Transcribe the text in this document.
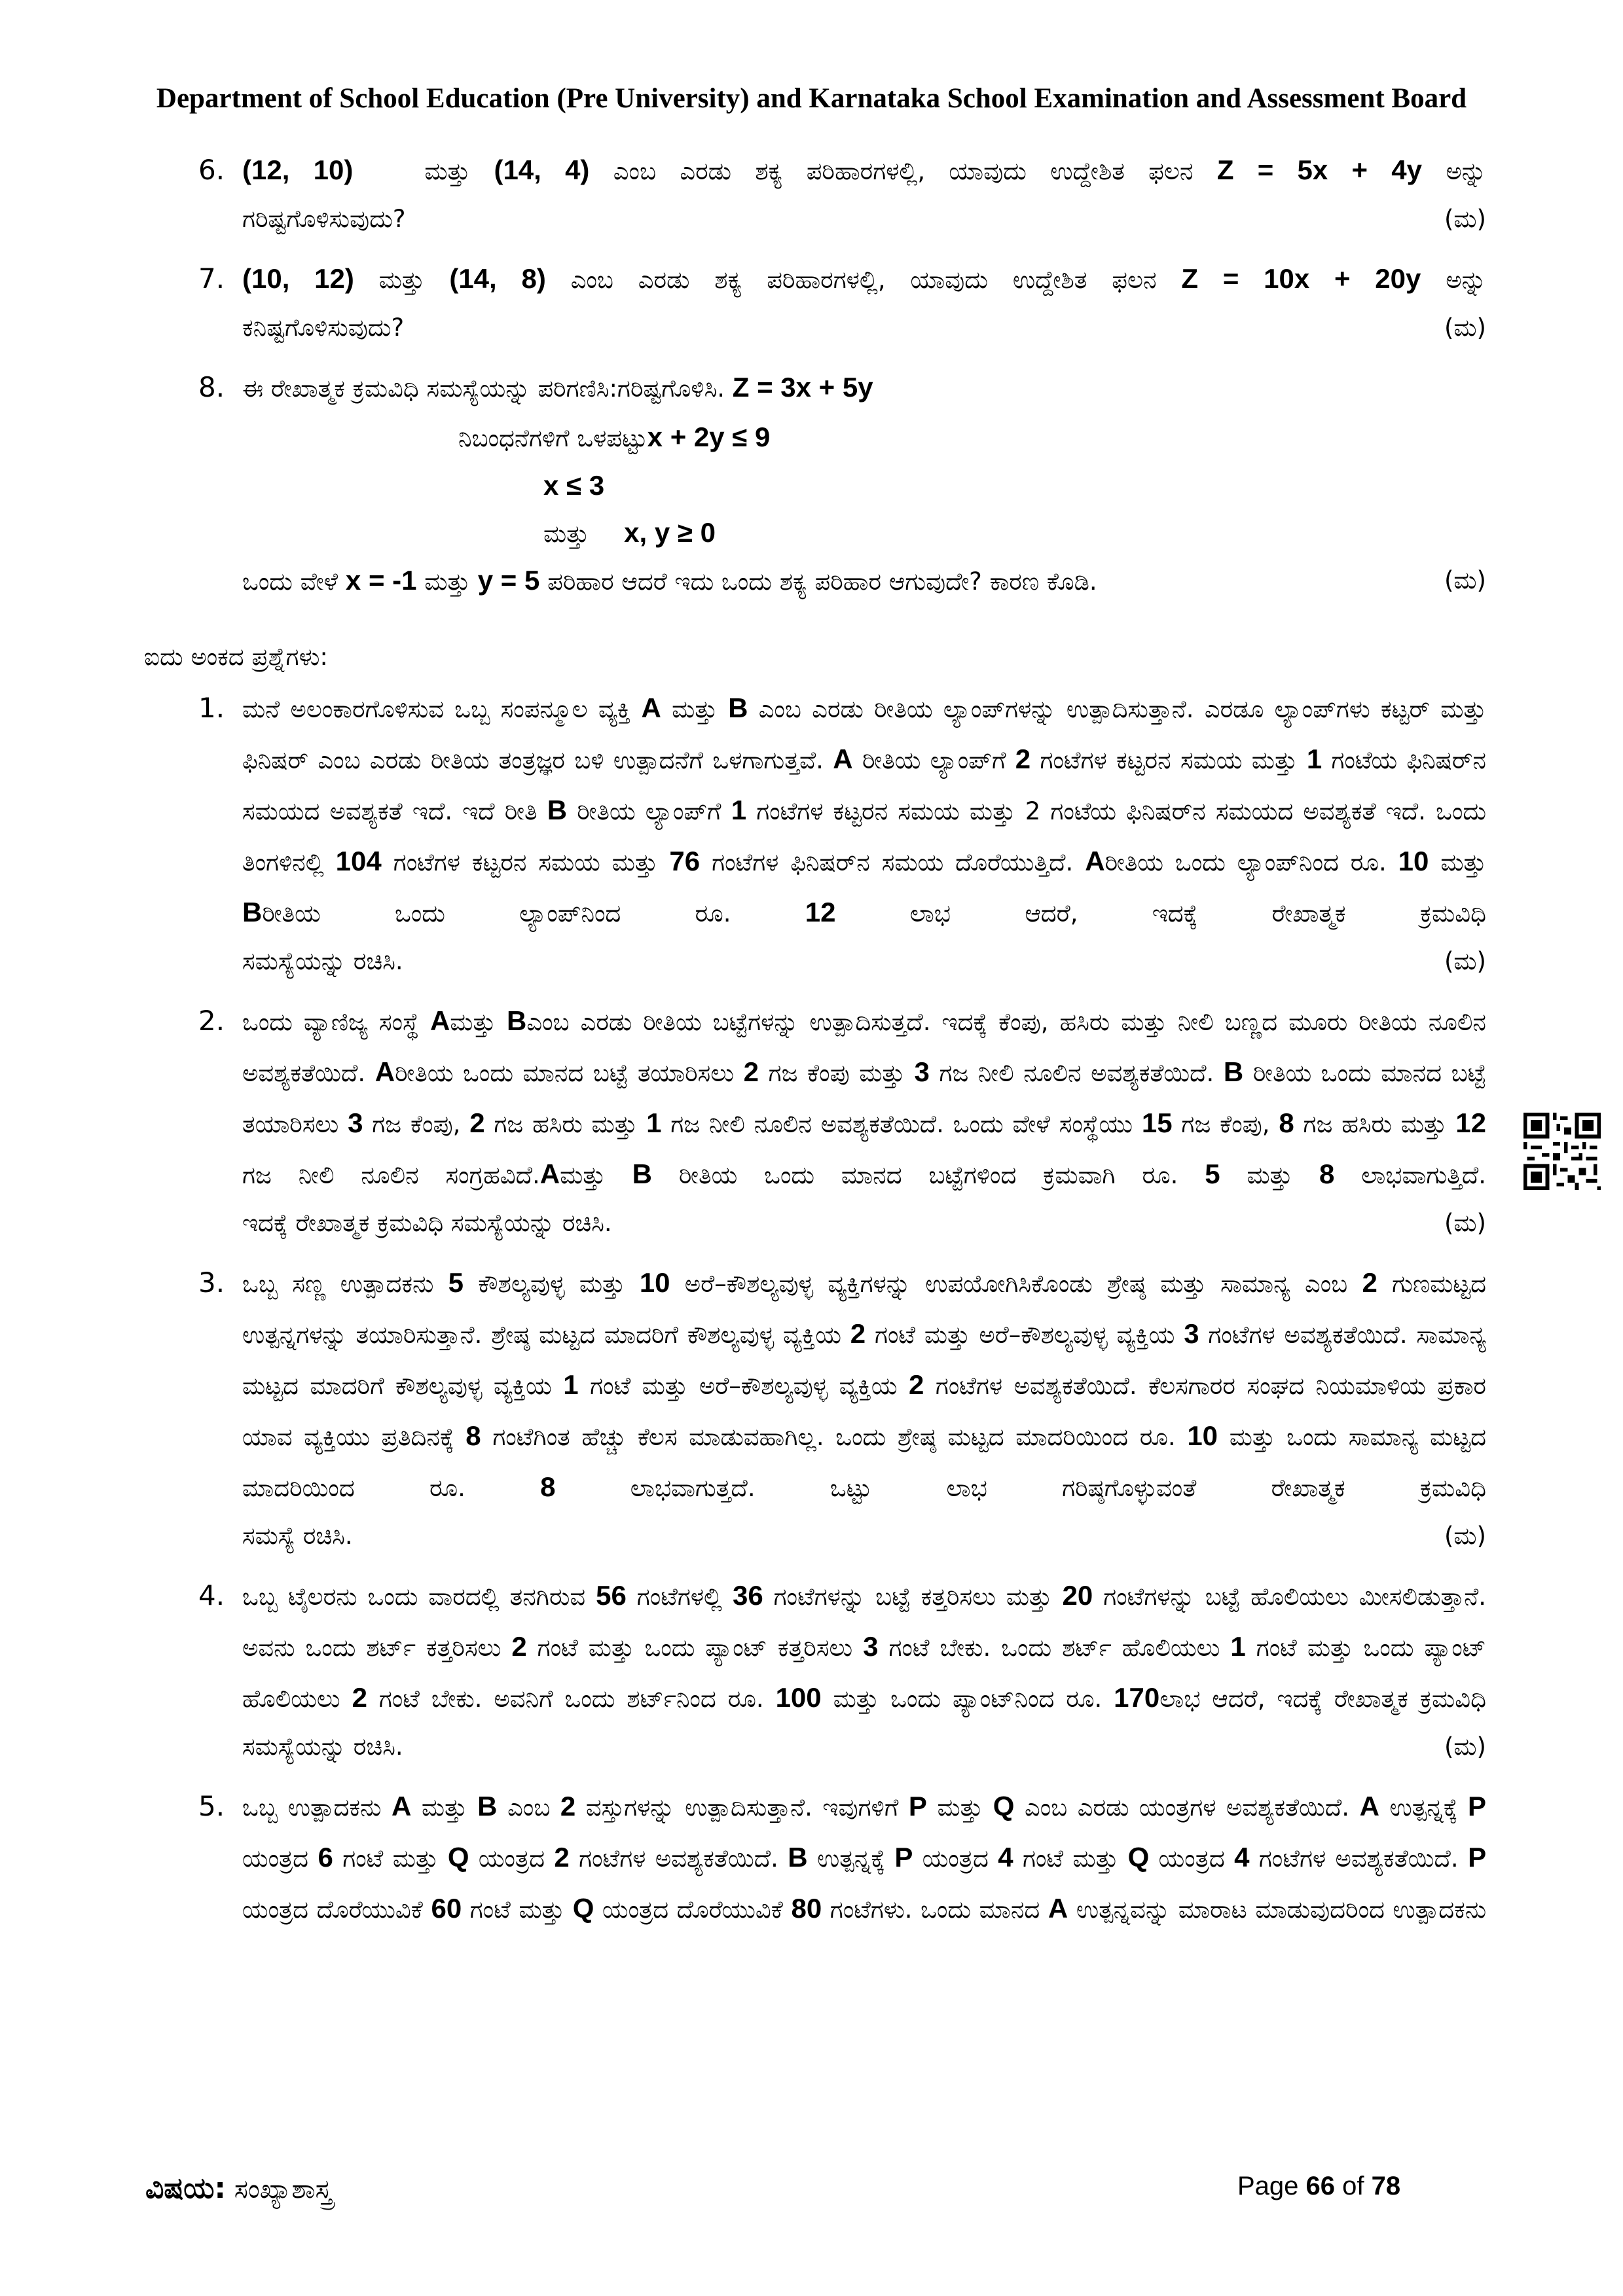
Department of School Education (Pre University) and Karnataka School Examination and Assessment Board
6. (12, 10)	ಮತ್ತು (14, 4) ಎಂಬ ಎರಡು ಶಕ್ಯ ಪರಿಹಾರಗಳಲ್ಲಿ, ಯಾವುದು ಉದ್ದೇಶಿತ ಫಲನ Z = 5x + 4y ಅನ್ನು
ಗರಿಷ್ಟಗೊಳಿಸುವುದು?	(ಮ)
7. (10, 12) ಮತ್ತು (14, 8) ಎಂಬ ಎರಡು ಶಕ್ಯ ಪರಿಹಾರಗಳಲ್ಲಿ, ಯಾವುದು ಉದ್ದೇಶಿತ ಫಲನ Z = 10x + 20y ಅನ್ನು
ಕನಿಷ್ಟಗೊಳಿಸುವುದು?	(ಮ)
8. ಈ ರೇಖಾತ್ಮಕ ಕ್ರಮವಿಧಿ ಸಮಸ್ಯೆಯನ್ನು ಪರಿಗಣಿಸಿ:ಗರಿಷ್ಟಗೊಳಿಸಿ. Z = 3x + 5y
ನಿಬಂಧನೆಗಳಿಗೆ ಒಳಪಟ್ಟುx + 2y ≤ 9
x ≤ 3
ಮತ್ತು x, y ≥ 0
ಒಂದು ವೇಳೆ x = -1 ಮತ್ತು y = 5 ಪರಿಹಾರ ಆದರೆ ಇದು ಒಂದು ಶಕ್ಯ ಪರಿಹಾರ ಆಗುವುದೇ? ಕಾರಣ ಕೊಡಿ.	(ಮ)
ಐದು ಅಂಕದ ಪ್ರಶ್ನೆಗಳು:
1. ಮನೆ ಅಲಂಕಾರಗೊಳಿಸುವ ಒಬ್ಬ ಸಂಪನ್ಮೂಲ ವ್ಯಕ್ತಿ A ಮತ್ತು B ಎಂಬ ಎರಡು ರೀತಿಯ ಲ್ಯಾಂಪ್‌ಗಳನ್ನು ಉತ್ಪಾದಿಸುತ್ತಾನೆ. ಎರಡೂ ಲ್ಯಾಂಪ್‌ಗಳು ಕಟ್ಟರ್ ಮತ್ತು ಫಿನಿಷರ್ ಎಂಬ ಎರಡು ರೀತಿಯ ತಂತ್ರಜ್ಞರ ಬಳಿ ಉತ್ಪಾದನೆಗೆ ಒಳಗಾಗುತ್ತವೆ. A ರೀತಿಯ ಲ್ಯಾಂಪ್‌ಗೆ 2 ಗಂಟೆಗಳ ಕಟ್ಟರನ ಸಮಯ ಮತ್ತು 1 ಗಂಟೆಯ ಫಿನಿಷರ್‌ನ ಸಮಯದ ಅವಶ್ಯಕತೆ ಇದೆ. ಇದೆ ರೀತಿ B ರೀತಿಯ ಲ್ಯಾಂಪ್‌ಗೆ 1 ಗಂಟೆಗಳ ಕಟ್ಟರನ ಸಮಯ ಮತ್ತು 2 ಗಂಟೆಯ ಫಿನಿಷರ್‌ನ ಸಮಯದ ಅವಶ್ಯಕತೆ ಇದೆ. ಒಂದು ತಿಂಗಳಿನಲ್ಲಿ 104 ಗಂಟೆಗಳ ಕಟ್ಟರನ ಸಮಯ ಮತ್ತು 76 ಗಂಟೆಗಳ ಫಿನಿಷರ್‌ನ ಸಮಯ ದೊರೆಯುತ್ತಿದೆ. Aರೀತಿಯ ಒಂದು ಲ್ಯಾಂಪ್‌ನಿಂದ ರೂ. 10 ಮತ್ತು Bರೀತಿಯ ಒಂದು ಲ್ಯಾಂಪ್‌ನಿಂದ ರೂ.	12	ಲಾಭ ಆದರೆ, ಇದಕ್ಕೆ ರೇಖಾತ್ಮಕ ಕ್ರಮವಿಧಿ
ಸಮಸ್ಯೆಯನ್ನು ರಚಿಸಿ.	(ಮ)
2. ಒಂದು ವ್ಯಾಣಿಜ್ಯ ಸಂಸ್ಥೆ Aಮತ್ತು Bಎಂಬ ಎರಡು ರೀತಿಯ ಬಟ್ಟೆಗಳನ್ನು ಉತ್ಪಾದಿಸುತ್ತದೆ. ಇದಕ್ಕೆ ಕೆಂಪು, ಹಸಿರು ಮತ್ತು ನೀಲಿ ಬಣ್ಣದ ಮೂರು ರೀತಿಯ ನೂಲಿನ ಅವಶ್ಯಕತೆಯಿದೆ. Aರೀತಿಯ ಒಂದು ಮಾನದ ಬಟ್ಟೆ ತಯಾರಿಸಲು 2 ಗಜ ಕೆಂಪು ಮತ್ತು 3 ಗಜ ನೀಲಿ ನೂಲಿನ ಅವಶ್ಯಕತೆಯಿದೆ. B ರೀತಿಯ ಒಂದು ಮಾನದ ಬಟ್ಟೆ ತಯಾರಿಸಲು 3 ಗಜ ಕೆಂಪು, 2 ಗಜ ಹಸಿರು ಮತ್ತು 1 ಗಜ ನೀಲಿ ನೂಲಿನ ಅವಶ್ಯಕತೆಯಿದೆ. ಒಂದು ವೇಳೆ ಸಂಸ್ಥೆಯು 15 ಗಜ ಕೆಂಪು, 8 ಗಜ ಹಸಿರು ಮತ್ತು 12 ಗಜ ನೀಲಿ ನೂಲಿನ ಸಂಗ್ರಹವಿದೆ.Aಮತ್ತು B ರೀತಿಯ ಒಂದು ಮಾನದ ಬಟ್ಟೆಗಳಿಂದ ಕ್ರಮವಾಗಿ ರೂ. 5 ಮತ್ತು 8 ಲಾಭವಾಗುತ್ತಿದೆ.
ಇದಕ್ಕೆ ರೇಖಾತ್ಮಕ ಕ್ರಮವಿಧಿ ಸಮಸ್ಯೆಯನ್ನು ರಚಿಸಿ.	(ಮ)
3. ಒಬ್ಬ ಸಣ್ಣ ಉತ್ಪಾದಕನು 5 ಕೌಶಲ್ಯವುಳ್ಳ ಮತ್ತು 10 ಅರೆ–ಕೌಶಲ್ಯವುಳ್ಳ ವ್ಯಕ್ತಿಗಳನ್ನು ಉಪಯೋಗಿಸಿಕೊಂಡು ಶ್ರೇಷ್ಠ ಮತ್ತು ಸಾಮಾನ್ಯ ಎಂಬ 2 ಗುಣಮಟ್ಟದ ಉತ್ಪನ್ನಗಳನ್ನು ತಯಾರಿಸುತ್ತಾನೆ. ಶ್ರೇಷ್ಠ ಮಟ್ಟದ ಮಾದರಿಗೆ ಕೌಶಲ್ಯವುಳ್ಳ ವ್ಯಕ್ತಿಯ 2 ಗಂಟೆ ಮತ್ತು ಅರೆ–ಕೌಶಲ್ಯವುಳ್ಳ ವ್ಯಕ್ತಿಯ 3 ಗಂಟೆಗಳ ಅವಶ್ಯಕತೆಯಿದೆ. ಸಾಮಾನ್ಯ ಮಟ್ಟದ ಮಾದರಿಗೆ ಕೌಶಲ್ಯವುಳ್ಳ ವ್ಯಕ್ತಿಯ 1 ಗಂಟೆ ಮತ್ತು ಅರೆ–ಕೌಶಲ್ಯವುಳ್ಳ ವ್ಯಕ್ತಿಯ 2 ಗಂಟೆಗಳ ಅವಶ್ಯಕತೆಯಿದೆ. ಕೆಲಸಗಾರರ ಸಂಘದ ನಿಯಮಾಳಿಯ ಪ್ರಕಾರ ಯಾವ ವ್ಯಕ್ತಿಯು ಪ್ರತಿದಿನಕ್ಕೆ 8 ಗಂಟೆಗಿಂತ ಹೆಚ್ಚು ಕೆಲಸ ಮಾಡುವಹಾಗಿಲ್ಲ. ಒಂದು ಶ್ರೇಷ್ಠ ಮಟ್ಟದ ಮಾದರಿಯಿಂದ ರೂ. 10 ಮತ್ತು ಒಂದು ಸಾಮಾನ್ಯ ಮಟ್ಟದ ಮಾದರಿಯಿಂದ ರೂ.	8	ಲಾಭವಾಗುತ್ತದೆ. ಒಟ್ಟು ಲಾಭ ಗರಿಷ್ಠಗೊಳ್ಳುವಂತೆ ರೇಖಾತ್ಮಕ ಕ್ರಮವಿಧಿ
ಸಮಸ್ಯೆ ರಚಿಸಿ.	(ಮ)
4. ಒಬ್ಬ ಟೈಲರನು ಒಂದು ವಾರದಲ್ಲಿ ತನಗಿರುವ 56 ಗಂಟೆಗಳಲ್ಲಿ 36 ಗಂಟೆಗಳನ್ನು ಬಟ್ಟೆ ಕತ್ತರಿಸಲು ಮತ್ತು 20 ಗಂಟೆಗಳನ್ನು ಬಟ್ಟೆ ಹೊಲಿಯಲು ಮೀಸಲಿಡುತ್ತಾನೆ. ಅವನು ಒಂದು ಶರ್ಟ್ ಕತ್ತರಿಸಲು 2 ಗಂಟೆ ಮತ್ತು ಒಂದು ಪ್ಯಾಂಟ್ ಕತ್ತರಿಸಲು 3 ಗಂಟೆ ಬೇಕು. ಒಂದು ಶರ್ಟ್ ಹೊಲಿಯಲು 1 ಗಂಟೆ ಮತ್ತು ಒಂದು ಪ್ಯಾಂಟ್ ಹೊಲಿಯಲು 2 ಗಂಟೆ ಬೇಕು. ಅವನಿಗೆ ಒಂದು ಶರ್ಟ್‌ನಿಂದ ರೂ. 100 ಮತ್ತು ಒಂದು ಪ್ಯಾಂಟ್‌ನಿಂದ ರೂ. 170ಲಾಭ ಆದರೆ, ಇದಕ್ಕೆ ರೇಖಾತ್ಮಕ ಕ್ರಮವಿಧಿ
ಸಮಸ್ಯೆಯನ್ನು ರಚಿಸಿ.	(ಮ)
5. ಒಬ್ಬ ಉತ್ಪಾದಕನು A ಮತ್ತು B ಎಂಬ 2 ವಸ್ತುಗಳನ್ನು ಉತ್ಪಾದಿಸುತ್ತಾನೆ. ಇವುಗಳಿಗೆ P ಮತ್ತು Q ಎಂಬ ಎರಡು ಯಂತ್ರಗಳ ಅವಶ್ಯಕತೆಯಿದೆ. A ಉತ್ಪನ್ನಕ್ಕೆ P ಯಂತ್ರದ 6 ಗಂಟೆ ಮತ್ತು Q ಯಂತ್ರದ 2 ಗಂಟೆಗಳ ಅವಶ್ಯಕತೆಯಿದೆ. B ಉತ್ಪನ್ನಕ್ಕೆ P ಯಂತ್ರದ 4 ಗಂಟೆ ಮತ್ತು Q ಯಂತ್ರದ 4 ಗಂಟೆಗಳ ಅವಶ್ಯಕತೆಯಿದೆ. P ಯಂತ್ರದ ದೊರೆಯುವಿಕೆ 60 ಗಂಟೆ ಮತ್ತು Q ಯಂತ್ರದ ದೊರೆಯುವಿಕೆ 80 ಗಂಟೆಗಳು. ಒಂದು ಮಾನದ A ಉತ್ಪನ್ನವನ್ನು ಮಾರಾಟ ಮಾಡುವುದರಿಂದ ಉತ್ಪಾದಕನು
ವಿಷಯ: ಸಂಖ್ಯಾಶಾಸ್ತ್ರ	Page 66 of 78
